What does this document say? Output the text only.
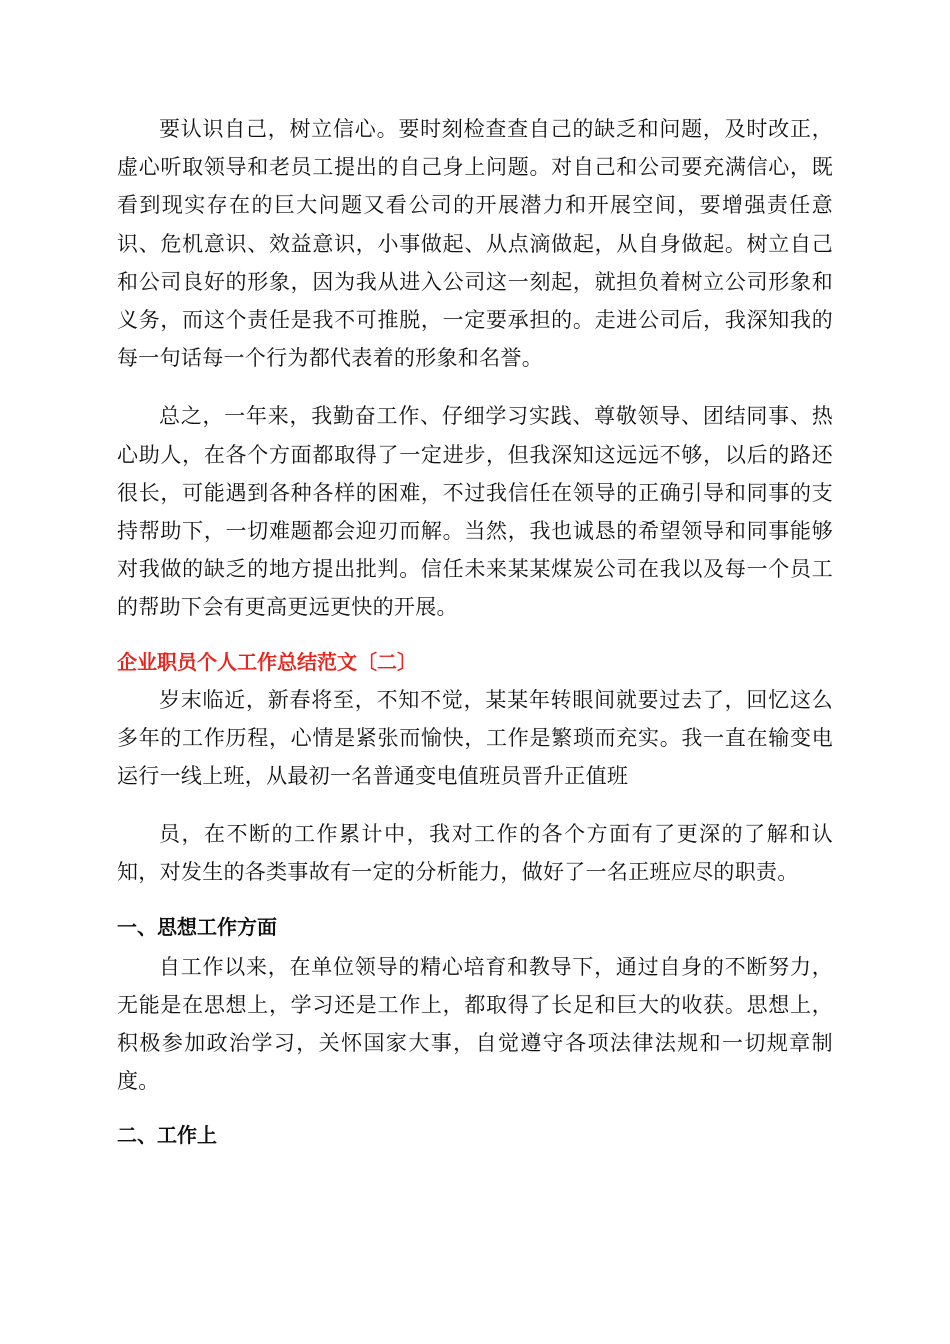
要认识自己，树立信心。要时刻检查查自己的缺乏和问题，及时改正，虚心听取领导和老员工提出的自己身上问题。对自己和公司要充满信心，既看到现实存在的巨大问题又看公司的开展潜力和开展空间，要增强责任意识、危机意识、效益意识，小事做起、从点滴做起，从自身做起。树立自己和公司良好的形象，因为我从进入公司这一刻起，就担负着树立公司形象和义务，而这个责任是我不可推脱，一定要承担的。走进公司后，我深知我的每一句话每一个行为都代表着的形象和名誉。

总之，一年来，我勤奋工作、仔细学习实践、尊敬领导、团结同事、热心助人，在各个方面都取得了一定进步，但我深知这远远不够，以后的路还很长，可能遇到各种各样的困难，不过我信任在领导的正确引导和同事的支持帮助下，一切难题都会迎刃而解。当然，我也诚恳的希望领导和同事能够对我做的缺乏的地方提出批判。信任未来某某煤炭公司在我以及每一个员工的帮助下会有更高更远更快的开展。

企业职员个人工作总结范文〔二〕

岁末临近，新春将至，不知不觉，某某年转眼间就要过去了，回忆这么多年的工作历程，心情是紧张而愉快，工作是繁琐而充实。我一直在输变电运行一线上班，从最初一名普通变电值班员晋升正值班

员，在不断的工作累计中，我对工作的各个方面有了更深的了解和认知，对发生的各类事故有一定的分析能力，做好了一名正班应尽的职责。

一、思想工作方面

自工作以来，在单位领导的精心培育和教导下，通过自身的不断努力，无能是在思想上，学习还是工作上，都取得了长足和巨大的收获。思想上，积极参加政治学习，关怀国家大事，自觉遵守各项法律法规和一切规章制度。

二、工作上
